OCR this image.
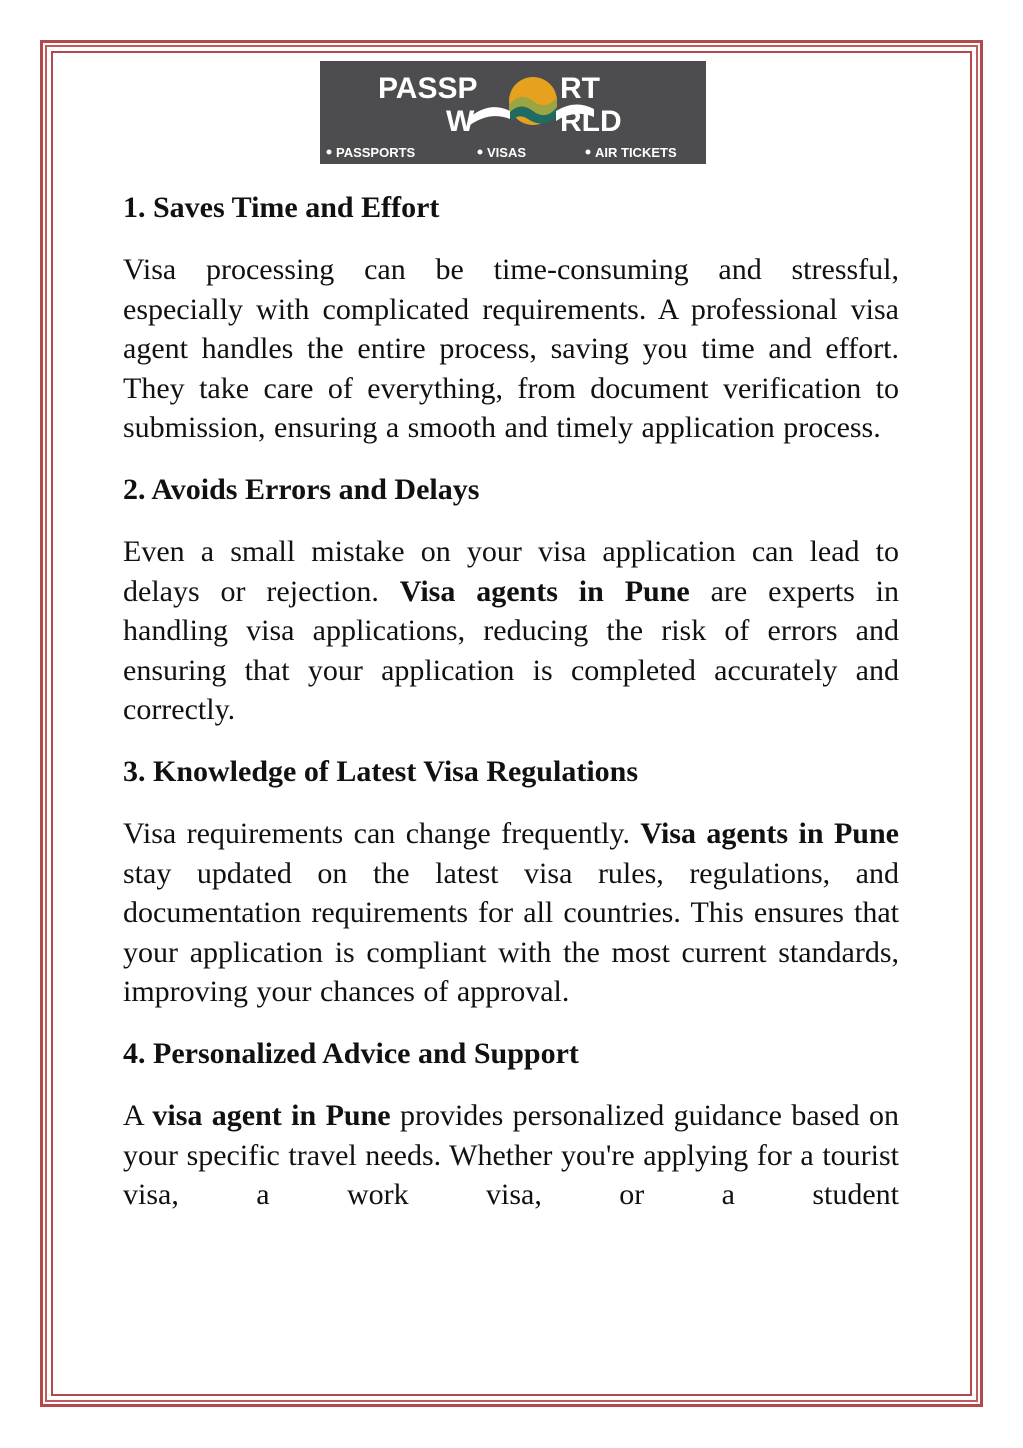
PASSP	RT
W	RLD
PASSPORTS	VISAS	AIR TICKETS
1. Saves Time and Effort

Visa processing can be time-consuming and stressful, especially with complicated requirements. A professional visa agent handles the entire process, saving you time and effort. They take care of everything, from document verification to submission, ensuring a smooth and timely application process.

2. Avoids Errors and Delays

Even a small mistake on your visa application can lead to delays or rejection. Visa agents in Pune are experts in handling visa applications, reducing the risk of errors and ensuring that your application is completed accurately and correctly.

3. Knowledge of Latest Visa Regulations

Visa requirements can change frequently. Visa agents in Pune stay updated on the latest visa rules, regulations, and documentation requirements for all countries. This ensures that your application is compliant with the most current standards, improving your chances of approval.

4. Personalized Advice and Support

A visa agent in Pune provides personalized guidance based on your specific travel needs. Whether you're applying for a tourist visa, a work visa, or a student
